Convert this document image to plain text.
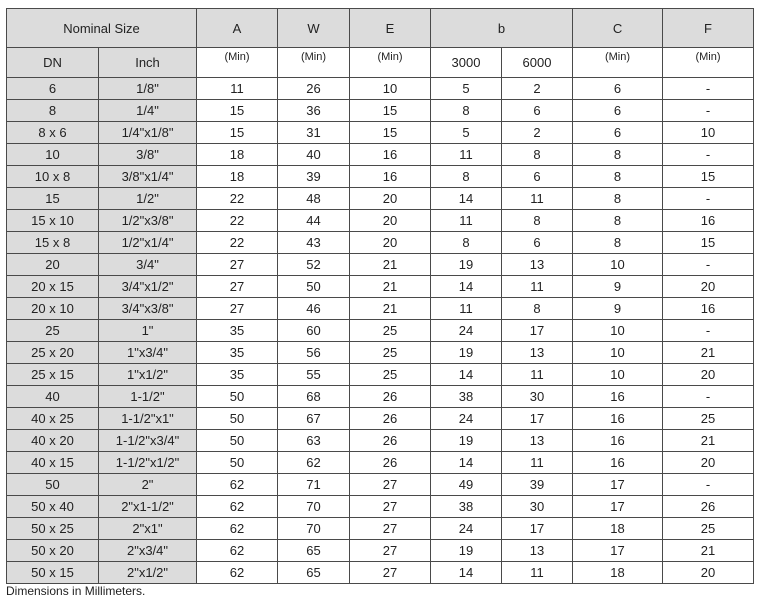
Nominal Size		A	W	E	b		C	F
DN	Inch	(Min)	(Min)	(Min)	3000	6000	(Min)	(Min)
6	1/8"	11	26	10	5	2	6	-
8	1/4"	15	36	15	8	6	6	-
8 x 6	1/4"x1/8"	15	31	15	5	2	6	10
10	3/8"	18	40	16	11	8	8	-
10 x 8	3/8"x1/4"	18	39	16	8	6	8	15
15	1/2"	22	48	20	14	11	8	-
15 x 10	1/2"x3/8"	22	44	20	11	8	8	16
15 x 8	1/2"x1/4"	22	43	20	8	6	8	15
20	3/4"	27	52	21	19	13	10	-
20 x 15	3/4"x1/2"	27	50	21	14	11	9	20
20 x 10	3/4"x3/8"	27	46	21	11	8	9	16
25	1"	35	60	25	24	17	10	-
25 x 20	1"x3/4"	35	56	25	19	13	10	21
25 x 15	1"x1/2"	35	55	25	14	11	10	20
40	1-1/2"	50	68	26	38	30	16	-
40 x 25	1-1/2"x1"	50	67	26	24	17	16	25
40 x 20	1-1/2"x3/4"	50	63	26	19	13	16	21
40 x 15	1-1/2"x1/2"	50	62	26	14	11	16	20
50	2"	62	71	27	49	39	17	-
50 x 40	2"x1-1/2"	62	70	27	38	30	17	26
50 x 25	2"x1"	62	70	27	24	17	18	25
50 x 20	2"x3/4"	62	65	27	19	13	17	21
50 x 15	2"x1/2"	62	65	27	14	11	18	20
Dimensions in Millimeters.
